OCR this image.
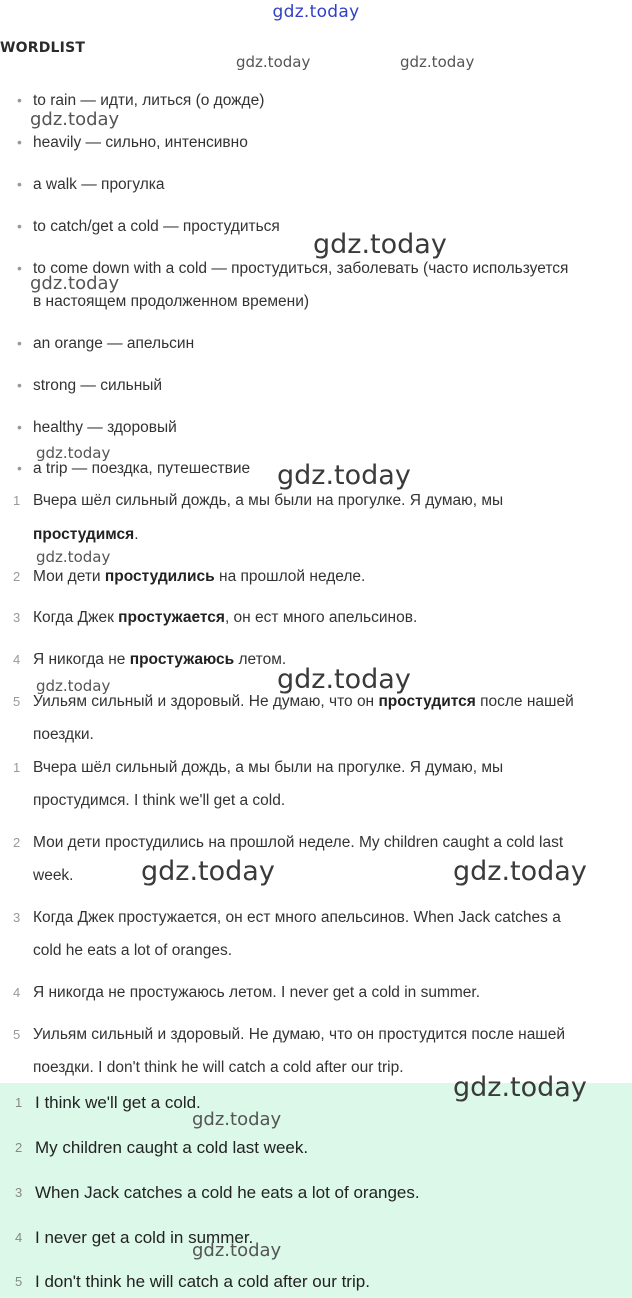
gdz.today
WORDLIST
• to rain — идти, литься (о дожде)
• heavily — сильно, интенсивно
• a walk — прогулка
• to catch/get a cold — простудиться
• to come down with a cold — простудиться, заболевать (часто используется
в настоящем продолженном времени)
• an orange — апельсин
• strong — сильный
• healthy — здоровый
• a trip — поездка, путешествие
1 Вчера шёл сильный дождь, а мы были на прогулке. Я думаю, мы
простудимся.
2 Мои дети простудились на прошлой неделе.
3 Когда Джек простужается, он ест много апельсинов.
4 Я никогда не простужаюсь летом.
5 Уильям сильный и здоровый. Не думаю, что он простудится после нашей
поездки.
1 Вчера шёл сильный дождь, а мы были на прогулке. Я думаю, мы
простудимся. I think we'll get a cold.
2 Мои дети простудились на прошлой неделе. My children caught a cold last
week.
3 Когда Джек простужается, он ест много апельсинов. When Jack catches a
cold he eats a lot of oranges.
4 Я никогда не простужаюсь летом. I never get a cold in summer.
5 Уильям сильный и здоровый. Не думаю, что он простудится после нашей
поездки. I don't think he will catch a cold after our trip.
1 I think we'll get a cold.
2 My children caught a cold last week.
3 When Jack catches a cold he eats a lot of oranges.
4 I never get a cold in summer.
5 I don't think he will catch a cold after our trip.
gdz.today	gdz.today
gdz.today
gdz.today
gdz.today
gdz.today
gdz.today
gdz.today
gdz.today	gdz.today
gdz.today	gdz.today
gdz.today
gdz.today
gdz.today
